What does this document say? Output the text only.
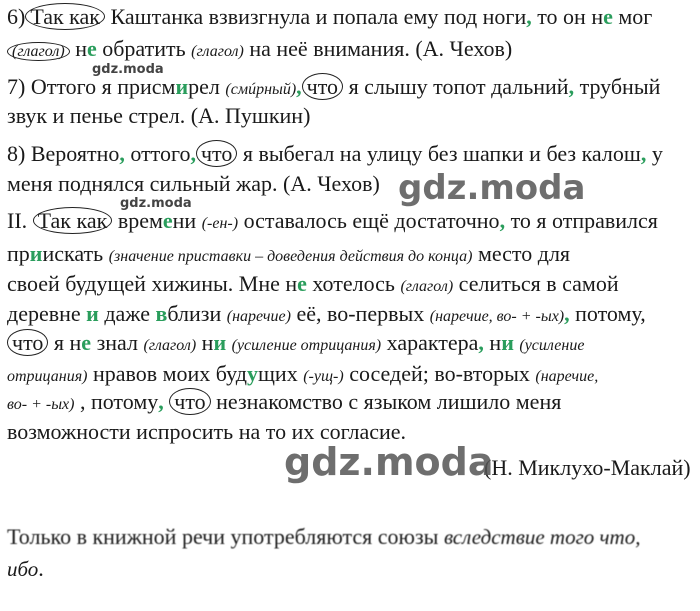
6) Так как Каштанка взвизгнула и попала ему под ноги, то он не мог
(глагол) не обратить (глагол) на неё внимания. (А. Чехов)
7) Оттого я присмирел (смúрный), что я слышу топот дальний, трубный
звук и пенье стрел. (А. Пушкин)
8) Вероятно, оттого, что я выбегал на улицу без шапки и без калош, у
меня поднялся сильный жар. (А. Чехов)
II. Так как времени (-ен-) оставалось ещё достаточно, то я отправился
приискать (значение приставки – доведения действия до конца) место для
своей будущей хижины. Мне не хотелось (глагол) селиться в самой
деревне и даже вблизи (наречие) её, во-первых (наречие, во- + -ых), потому,
что я не знал (глагол) ни (усиление отрицания) характера, ни (усиление
отрицания) нравов моих будущих (-ущ-) соседей; во-вторых (наречие,
во- + -ых) , потому, что незнакомство с языком лишило меня
возможности испросить на то их согласие.
(Н. Миклухо-Маклай)
Только в книжной речи употребляются союзы вследствие того что,
ибо.
gdz.moda
gdz.moda	gdz.moda
gdz.moda
